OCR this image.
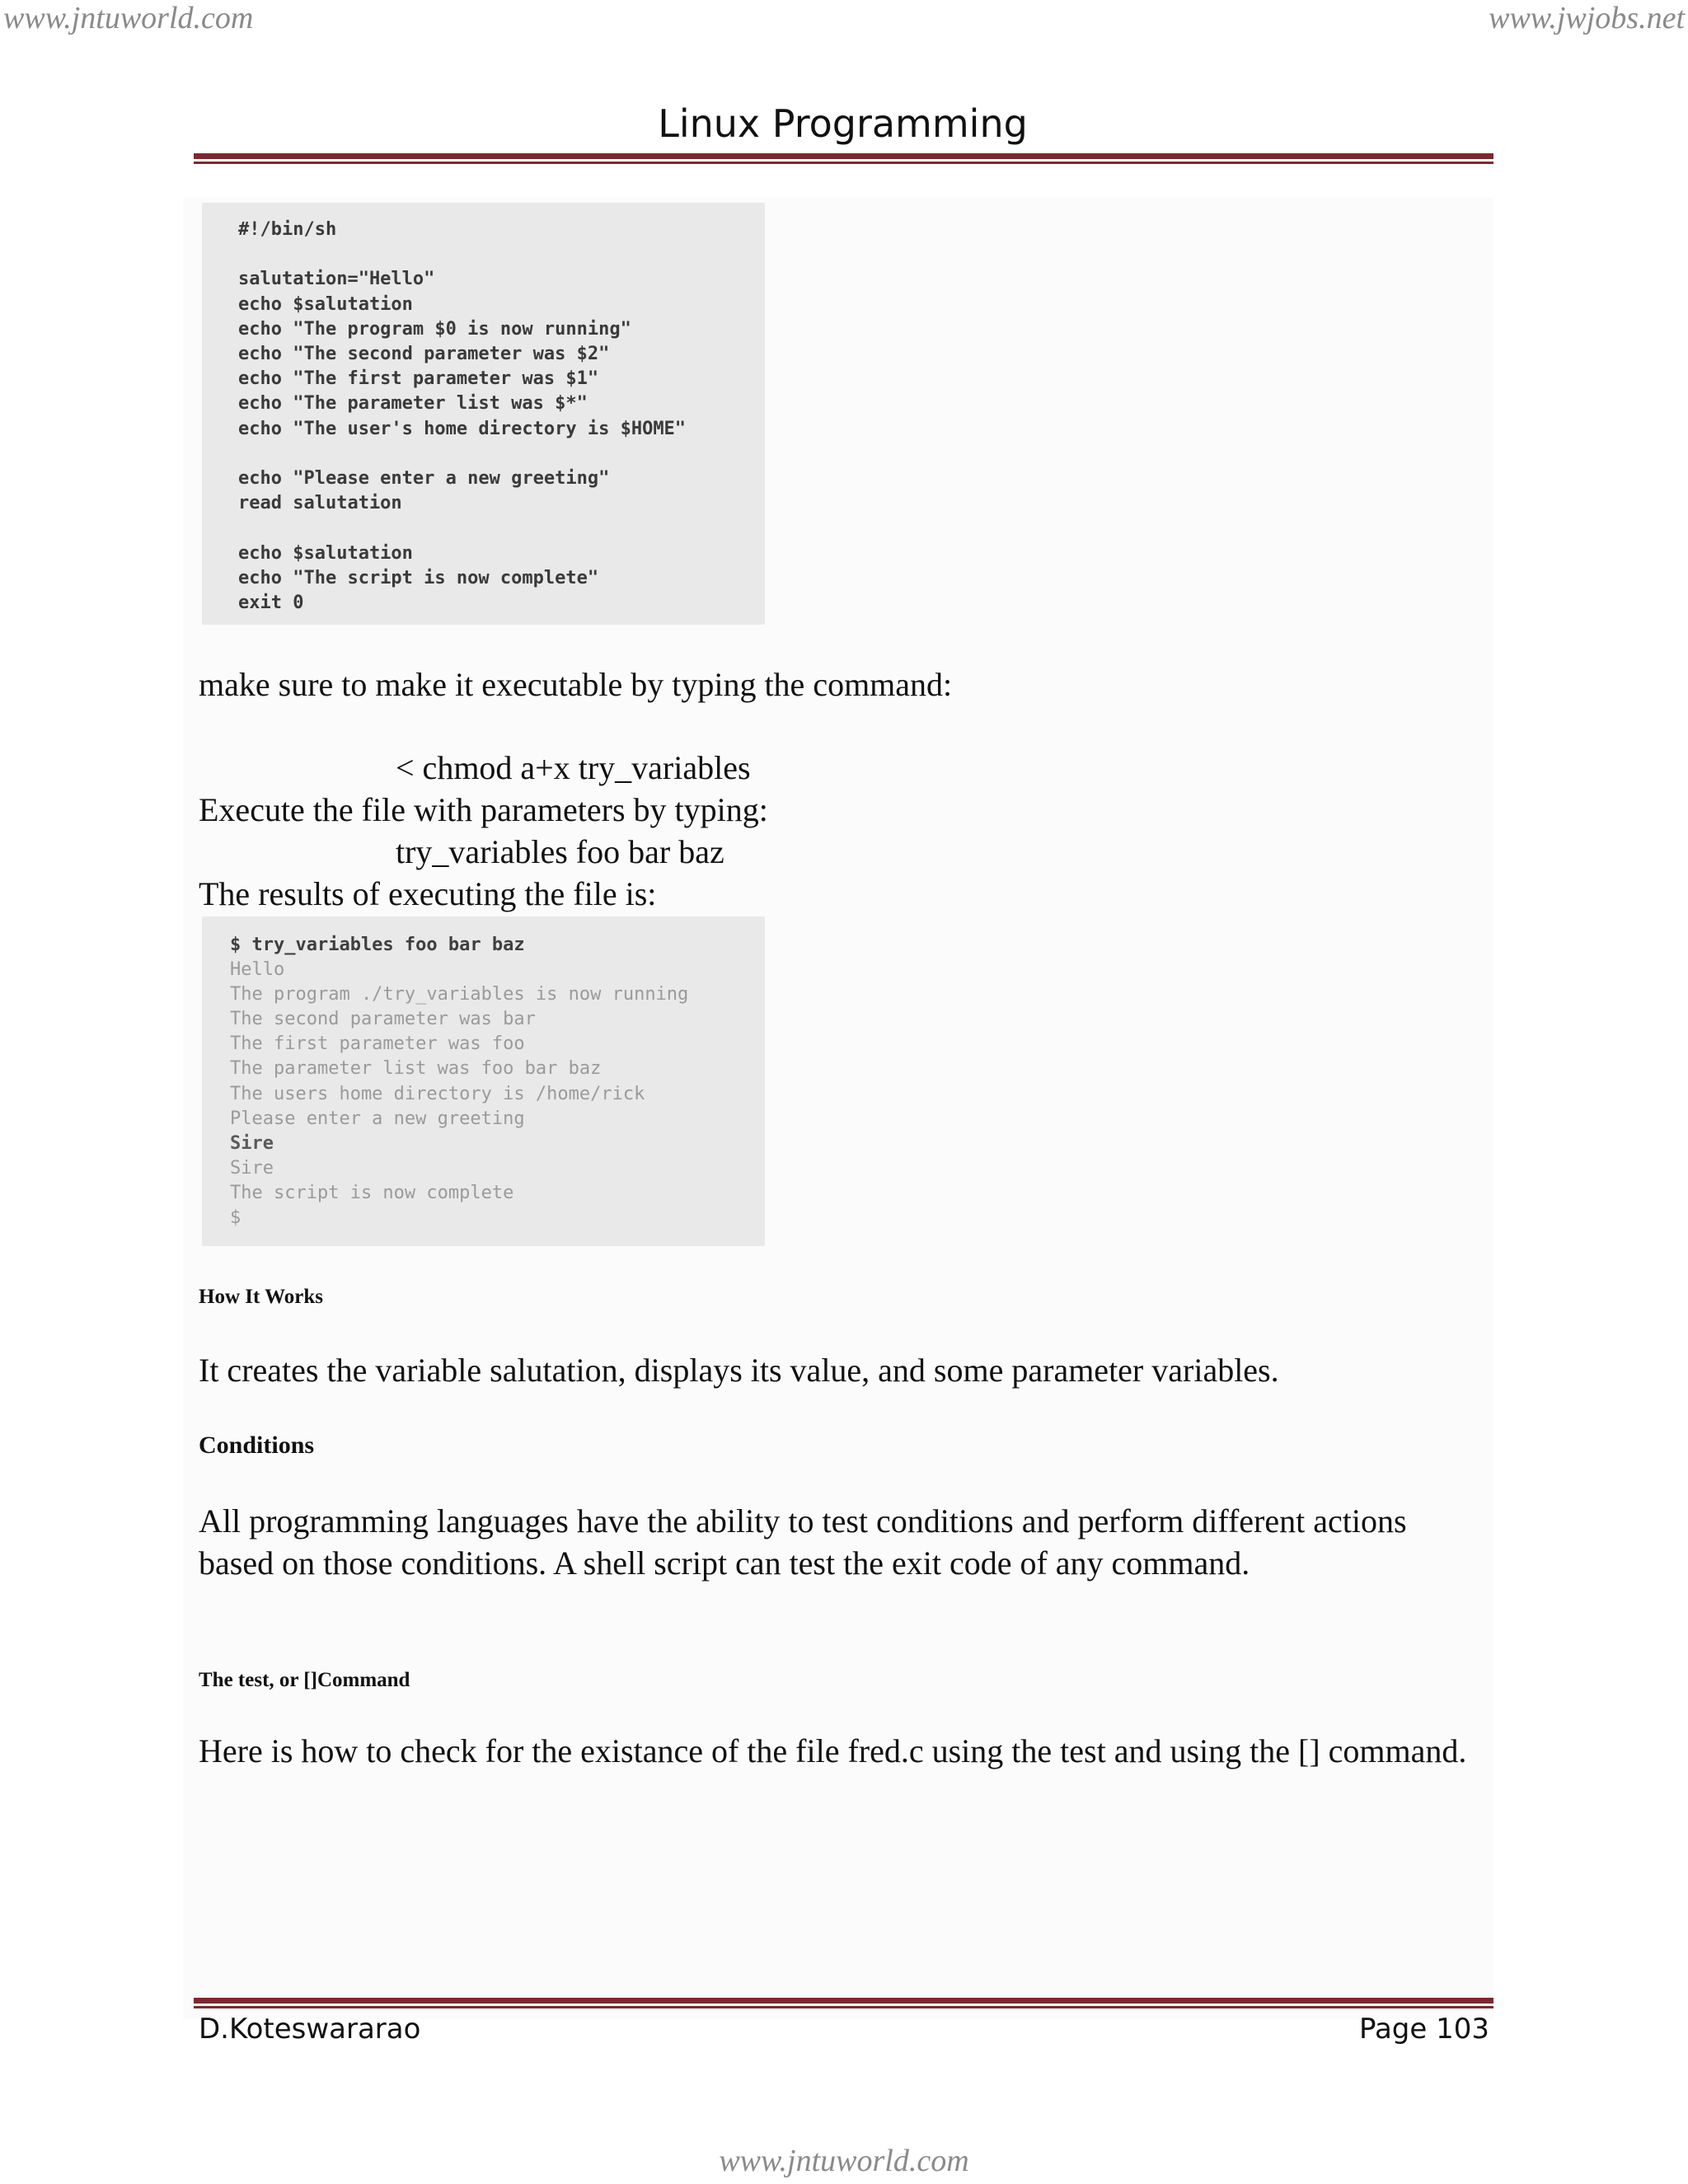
www.jntuworld.com	www.jwjobs.net
Linux Programming
#!/bin/sh

salutation="Hello"
echo $salutation
echo "The program $0 is now running"
echo "The second parameter was $2"
echo "The first parameter was $1"
echo "The parameter list was $*"
echo "The user's home directory is $HOME"

echo "Please enter a new greeting"
read salutation

echo $salutation
echo "The script is now complete"
exit 0
make sure to make it executable by typing the command:
< chmod a+x try_variables
Execute the file with parameters by typing:
try_variables foo bar baz
The results of executing the file is:
$ try_variables foo bar baz
Hello
The program ./try_variables is now running
The second parameter was bar
The first parameter was foo
The parameter list was foo bar baz
The users home directory is /home/rick
Please enter a new greeting
Sire
Sire
The script is now complete
$
How It Works
It creates the variable salutation, displays its value, and some parameter variables.
Conditions
All programming languages have the ability to test conditions and perform different actions based on those conditions. A shell script can test the exit code of any command.
The test, or []Command
Here is how to check for the existance of the file fred.c using the test and using the [] command.
D.Koteswararao	Page 103
www.jntuworld.com
